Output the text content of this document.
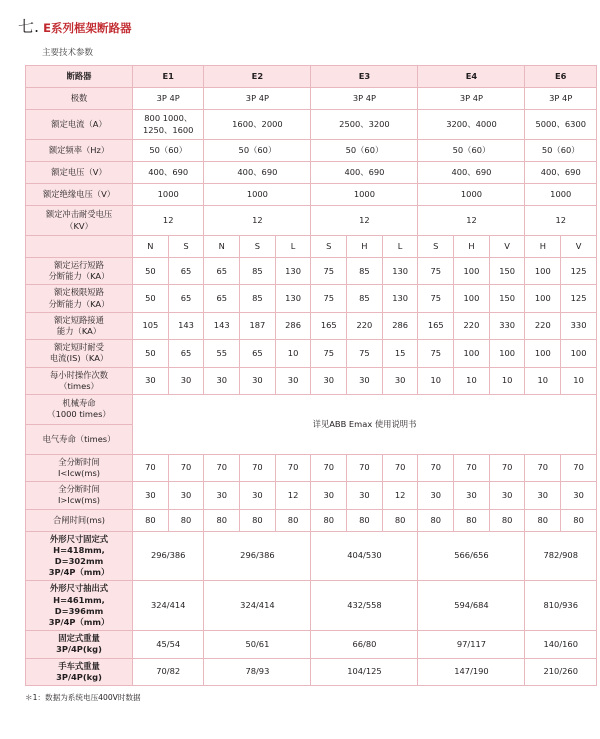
七. E系列框架断路器
主要技术参数
断路器	E1		E2			E3			E4			E6	
极数	3P 4P		3P 4P			3P 4P			3P 4P			3P 4P	
额定电流（A）	800 1000、1250、1600		1600、2000			2500、3200			3200、4000			5000、6300	
额定频率（Hz）	50（60）		50（60）			50（60）			50（60）			50（60）	
额定电压（V）	400、690		400、690			400、690			400、690			400、690	
额定绝缘电压（V）	1000		1000			1000			1000			1000	

额定冲击耐受电压
（KV）	12		12			12			12			12	
	N	S	N	S	L	S	H	L	S	H	V	H	V

额定运行短路
分断能力（KA）	50	65	65	85	130	75	85	130	75	100	150	100	125

额定极限短路
分断能力（KA）	50	65	65	85	130	75	85	130	75	100	150	100	125

额定短路接通
能力（KA）	105	143	143	187	286	165	220	286	165	220	330	220	330

额定短时耐受
电流(IS)（KA）	50	65	55	65	10	75	75	15	75	100	100	100	100

每小时操作次数
（times）	30	30	30	30	30	30	30	30	10	10	10	10	10

机械寿命
（1000 times）	详见ABB Emax 使用说明书												

电气寿命（times）													

全分断时间
I<Icw(ms)	70	70	70	70	70	70	70	70	70	70	70	70	70

全分断时间
I>Icw(ms)	30	30	30	30	12	30	30	12	30	30	30	30	30
合闸时间(ms)	80	80	80	80	80	80	80	80	80	80	80	80	80

外形尺寸固定式
H=418mm,
D=302mm
3P/4P（mm）	296/386		296/386			404/530			566/656			782/908	

外形尺寸抽出式
H=461mm,
D=396mm
3P/4P（mm）	324/414		324/414			432/558			594/684			810/936	

固定式重量
3P/4P(kg)	45/54		50/61			66/80			97/117			140/160	

手车式重量
3P/4P(kg)	70/82		78/93			104/125			147/190			210/260	
＊1：数据为系统电压400V时数据
